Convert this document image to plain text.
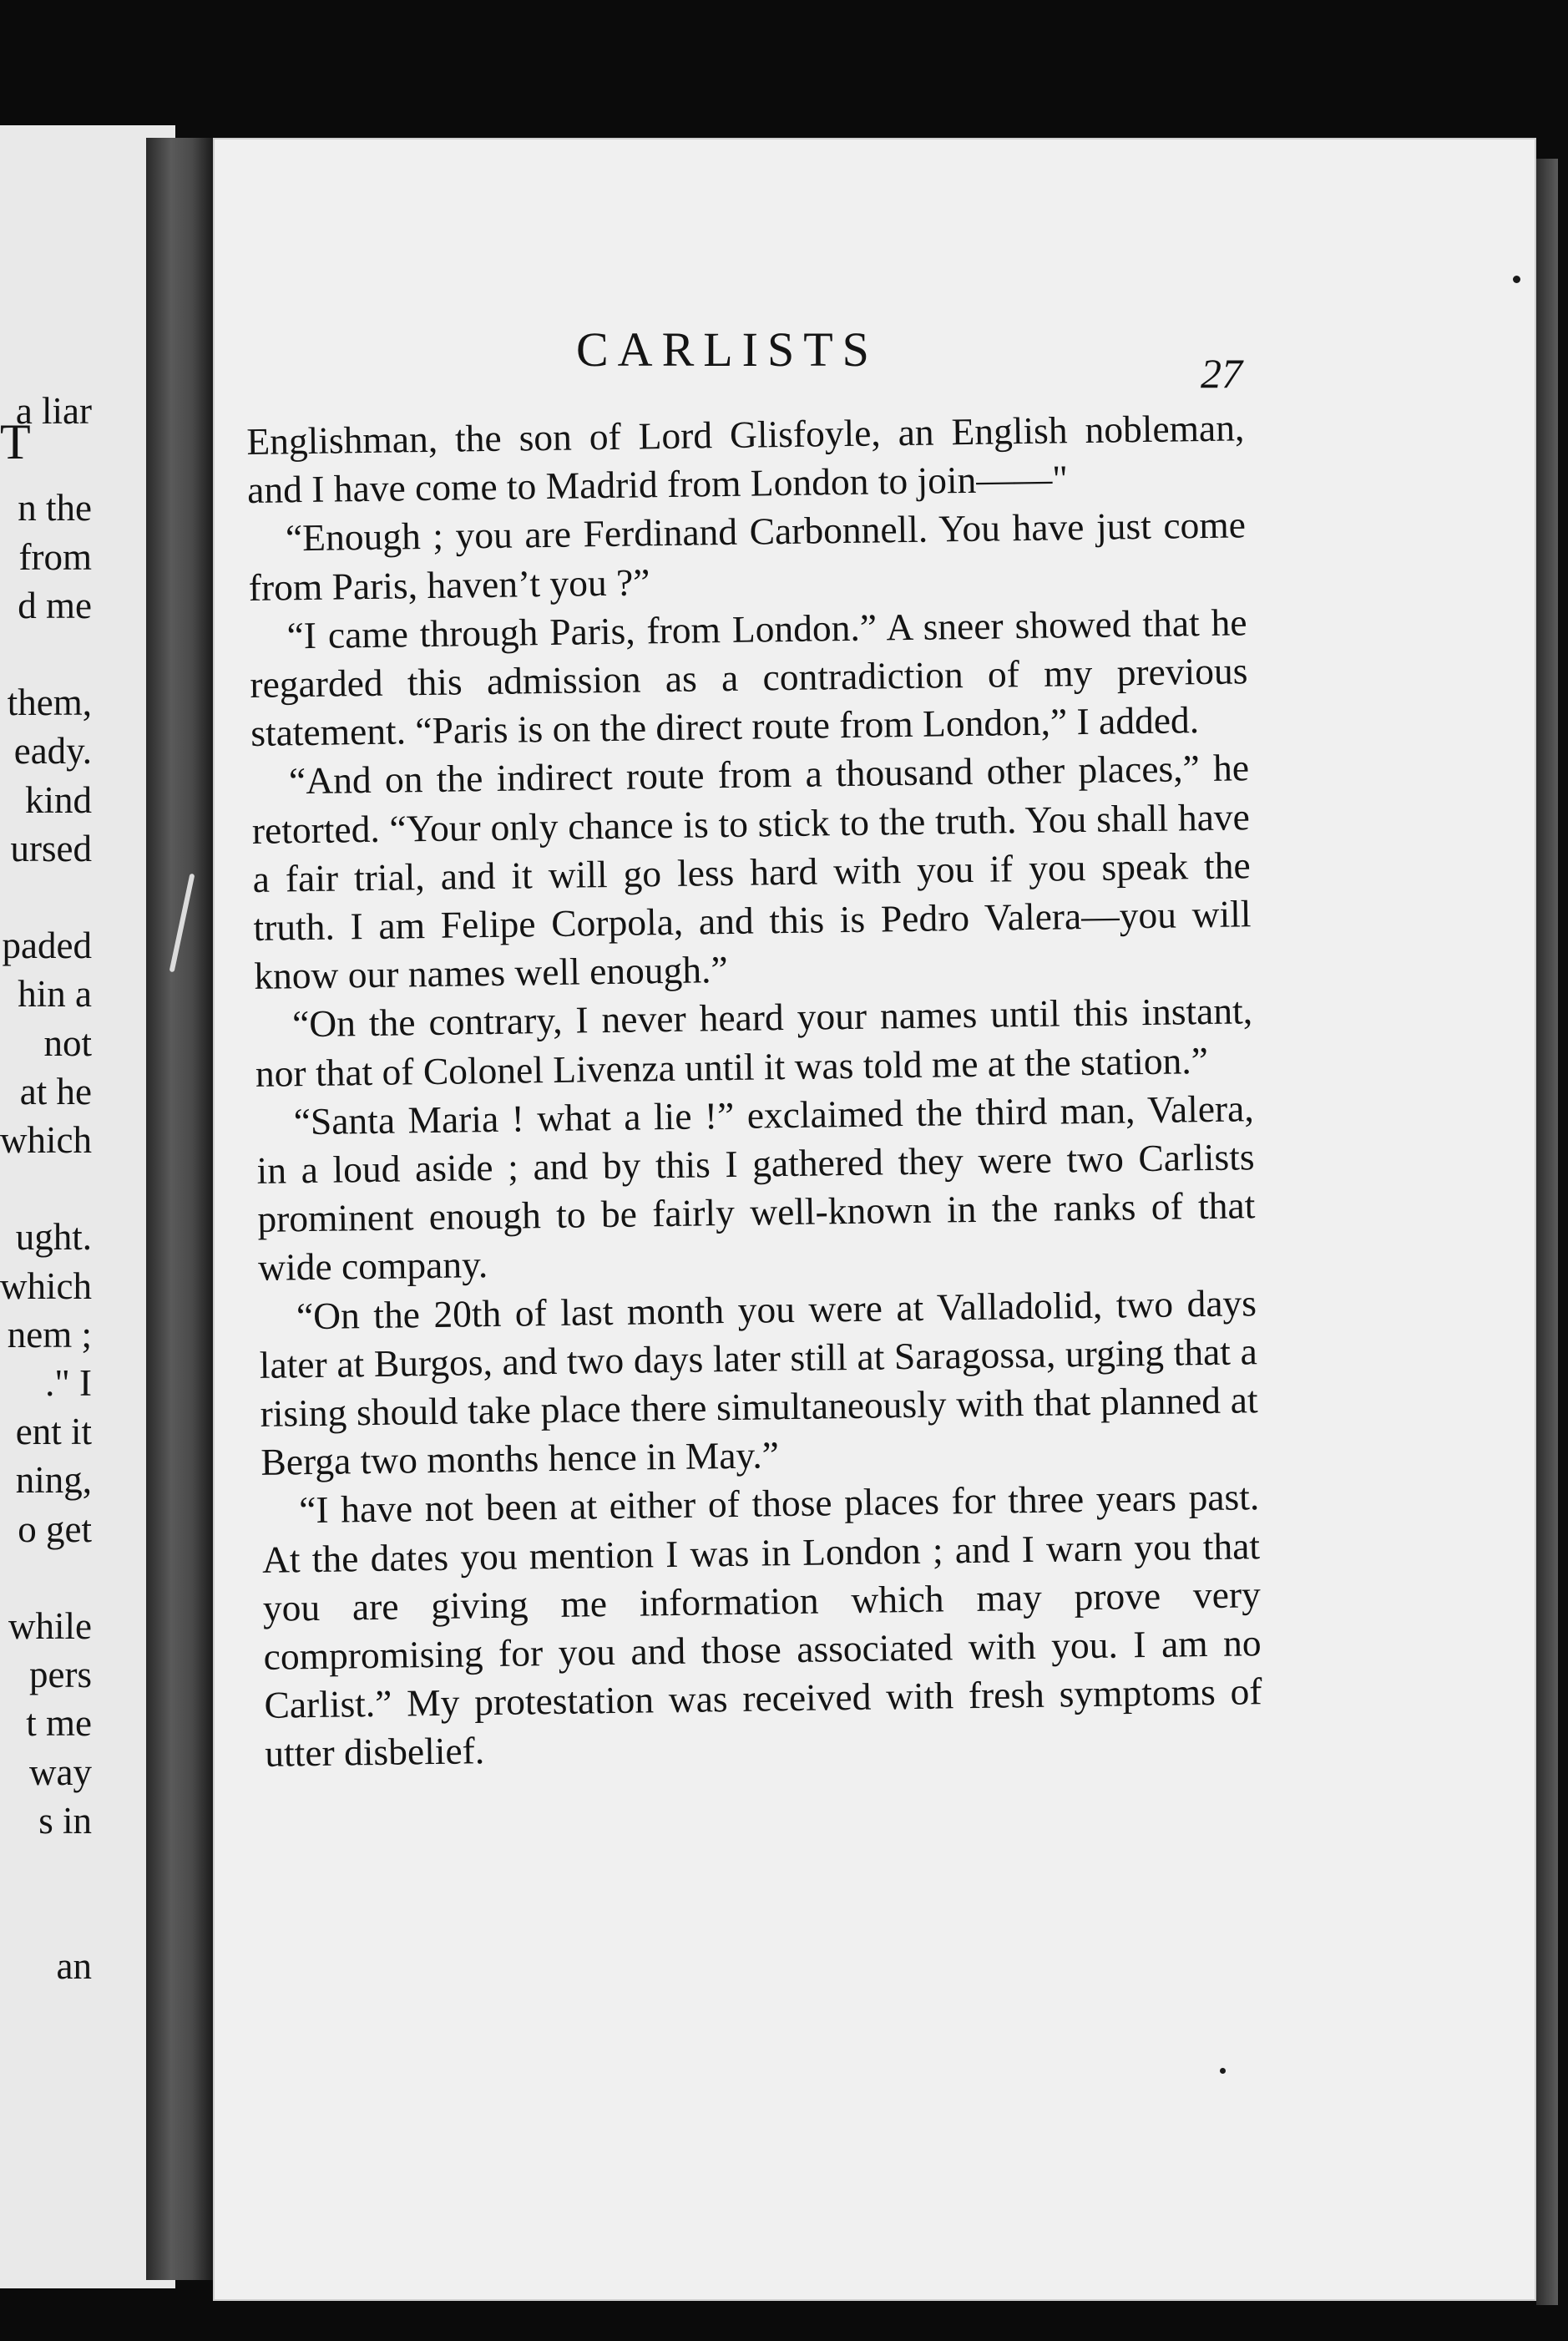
T
a liar
n the
from
d me
them,
eady.
kind
ursed
paded
hin a
not
at he
which
ught.
which
nem ;
." I
ent it
ning,
o get
while
pers
t me
way
s in
an
CARLISTS	27

Englishman, the son of Lord Glisfoyle, an English nobleman, and I have come to Madrid from London to join——"

“Enough ; you are Ferdinand Carbonnell. You have just come from Paris, haven’t you ?”

“I came through Paris, from London.” A sneer showed that he regarded this admission as a contradiction of my previous statement. “Paris is on the direct route from London,” I added.

“And on the indirect route from a thousand other places,” he retorted. “Your only chance is to stick to the truth. You shall have a fair trial, and it will go less hard with you if you speak the truth. I am Felipe Corpola, and this is Pedro Valera—you will know our names well enough.”

“On the contrary, I never heard your names until this instant, nor that of Colonel Livenza until it was told me at the station.”

“Santa Maria ! what a lie !” exclaimed the third man, Valera, in a loud aside ; and by this I gathered they were two Carlists prominent enough to be fairly well-known in the ranks of that wide company.

“On the 20th of last month you were at Valladolid, two days later at Burgos, and two days later still at Saragossa, urging that a rising should take place there simultaneously with that planned at Berga two months hence in May.”

“I have not been at either of those places for three years past. At the dates you mention I was in London ; and I warn you that you are giving me information which may prove very compromising for you and those associated with you. I am no Carlist.” My protestation was received with fresh symptoms of utter disbelief.
